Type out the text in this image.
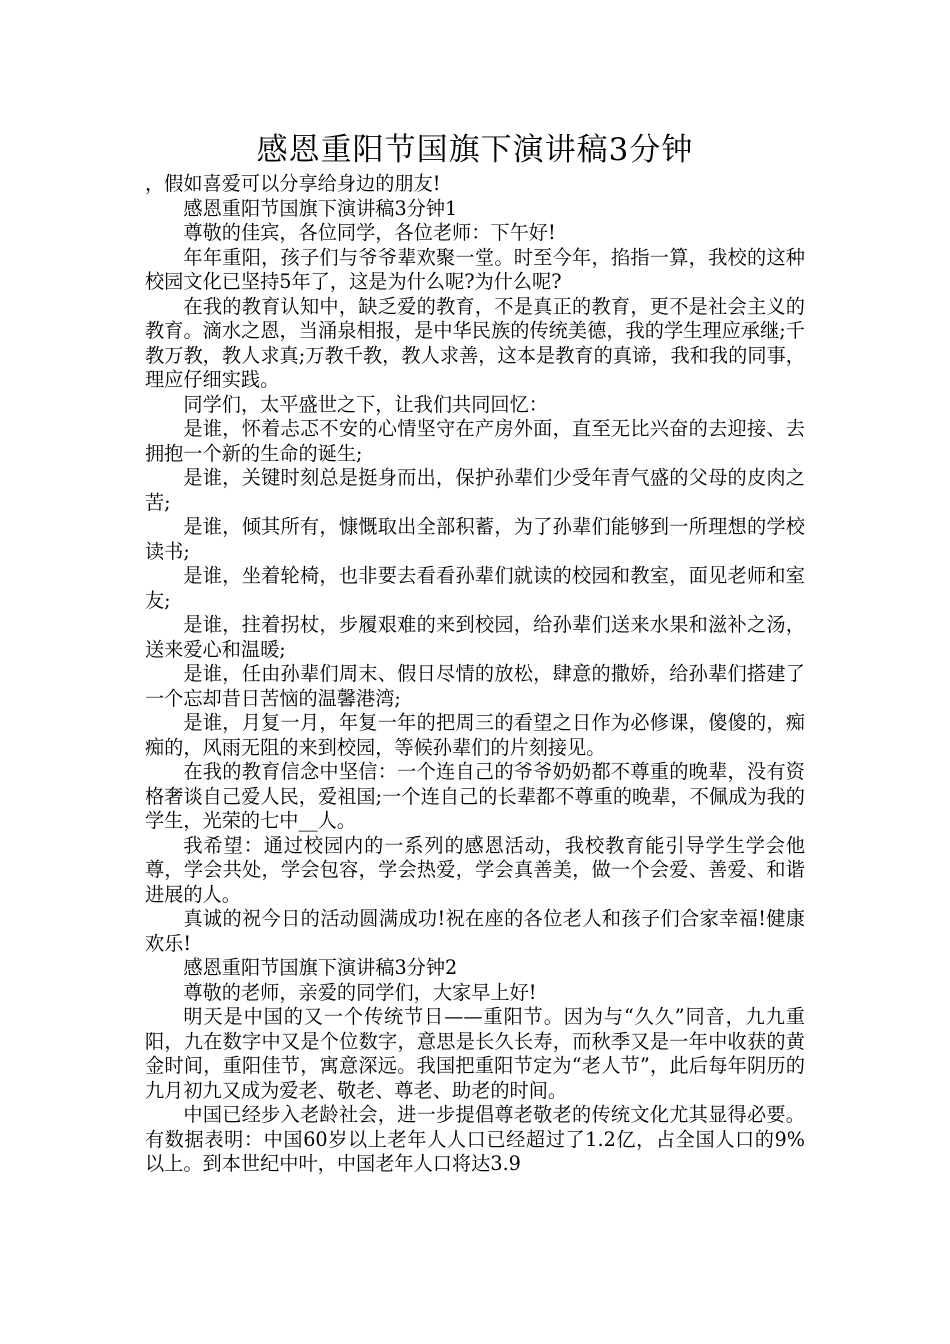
感恩重阳节国旗下演讲稿3分钟

，假如喜爱可以分享给身边的朋友!

感恩重阳节国旗下演讲稿3分钟1

尊敬的佳宾，各位同学，各位老师：下午好!

年年重阳，孩子们与爷爷辈欢聚一堂。时至今年，掐指一算，我校的这种校园文化已坚持5年了，这是为什么呢?为什么呢?

在我的教育认知中，缺乏爱的教育，不是真正的教育，更不是社会主义的教育。滴水之恩，当涌泉相报，是中华民族的传统美德，我的学生理应承继;千教万教，教人求真;万教千教，教人求善，这本是教育的真谛，我和我的同事，理应仔细实践。

同学们，太平盛世之下，让我们共同回忆：

是谁，怀着忐忑不安的心情坚守在产房外面，直至无比兴奋的去迎接、去拥抱一个新的生命的诞生;

是谁，关键时刻总是挺身而出，保护孙辈们少受年青气盛的父母的皮肉之苦;

是谁，倾其所有，慷慨取出全部积蓄，为了孙辈们能够到一所理想的学校读书;

是谁，坐着轮椅，也非要去看看孙辈们就读的校园和教室，面见老师和室友;

是谁，拄着拐杖，步履艰难的来到校园，给孙辈们送来水果和滋补之汤，送来爱心和温暖;

是谁，任由孙辈们周末、假日尽情的放松，肆意的撒娇，给孙辈们搭建了一个忘却昔日苦恼的温馨港湾;

是谁，月复一月，年复一年的把周三的看望之日作为必修课，傻傻的，痴痴的，风雨无阻的来到校园，等候孙辈们的片刻接见。

在我的教育信念中坚信：一个连自己的爷爷奶奶都不尊重的晚辈，没有资格奢谈自己爱人民，爱祖国;一个连自己的长辈都不尊重的晚辈，不佩成为我的学生，光荣的七中__人。

我希望：通过校园内的一系列的感恩活动，我校教育能引导学生学会他尊，学会共处，学会包容，学会热爱，学会真善美，做一个会爱、善爱、和谐进展的人。

真诚的祝今日的活动圆满成功!祝在座的各位老人和孩子们合家幸福!健康欢乐!

感恩重阳节国旗下演讲稿3分钟2

尊敬的老师，亲爱的同学们，大家早上好!

明天是中国的又一个传统节日——重阳节。因为与“久久”同音，九九重阳，九在数字中又是个位数字，意思是长久长寿，而秋季又是一年中收获的黄金时间，重阳佳节，寓意深远。我国把重阳节定为“老人节”，此后每年阴历的九月初九又成为爱老、敬老、尊老、助老的时间。

中国已经步入老龄社会，进一步提倡尊老敬老的传统文化尤其显得必要。有数据表明：中国60岁以上老年人人口已经超过了1.2亿，占全国人口的9%以上。到本世纪中叶，中国老年人口将达3.9
